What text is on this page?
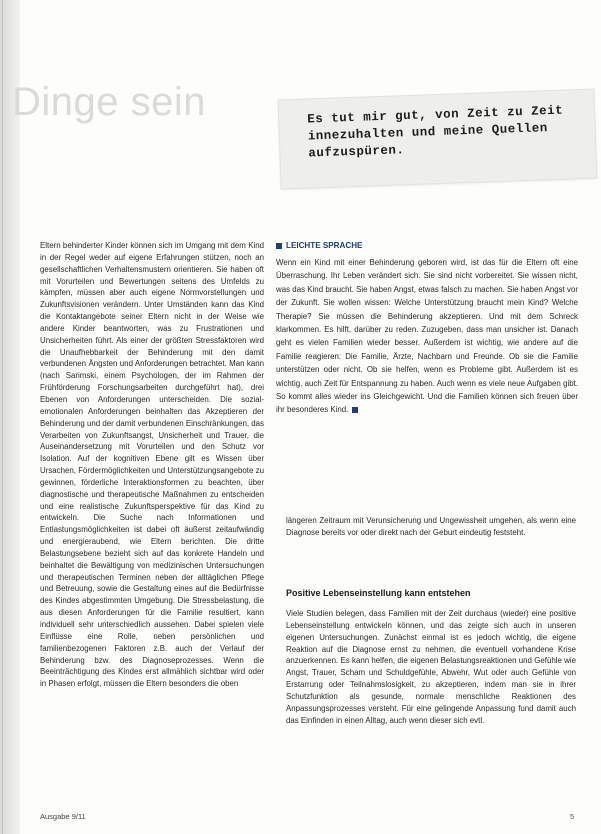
Dinge sein	Es tut mir gut, von Zeit zu Zeit innezuhalten und meine Quellen aufzuspüren.

Eltern behinderter Kinder können sich im Umgang mit dem Kind in der Regel weder auf eigene Erfahrungen stützen, noch an gesellschaftlichen Verhaltensmustern orientieren. Sie haben oft mit Vorurteilen und Bewertungen seitens des Umfelds zu kämpfen, müssen aber auch eigene Normvorstellungen und Zukunftsvisionen verändern. Unter Umständen kann das Kind die Kontaktangebote seiner Eltern nicht in der Weise wie andere Kinder beantworten, was zu Frustrationen und Unsicherheiten führt. Als einer der größten Stressfaktoren wird die Unaufhebbarkeit der Behinderung mit den damit verbundenen Ängsten und Anforderungen betrachtet. Man kann (nach Sarimski, einem Psychologen, der im Rahmen der Frühförderung Forschungsarbeiten durchgeführt hat), drei Ebenen von Anforderungen unterscheiden. Die sozial-emotionalen Anforderungen beinhalten das Akzeptieren der Behinderung und der damit verbundenen Einschränkungen, das Verarbeiten von Zukunftsangst, Unsicherheit und Trauer, die Auseinandersetzung mit Vorurteilen und den Schutz vor Isolation. Auf der kognitiven Ebene gilt es Wissen über Ursachen, Fördermöglichkeiten und Unterstützungsangebote zu gewinnen, förderliche Interaktionsformen zu beachten, über diagnostische und therapeutische Maßnahmen zu entscheiden und eine realistische Zukunftsperspektive für das Kind zu entwickeln. Die Suche nach Informationen und Entlastungsmöglichkeiten ist dabei oft äußerst zeitaufwändig und energieraubend, wie Eltern berichten. Die dritte Belastungsebene bezieht sich auf das konkrete Handeln und beinhaltet die Bewältigung von medizinischen Untersuchungen und therapeutischen Terminen neben der alltäglichen Pflege und Betreuung, sowie die Gestaltung eines auf die Bedürfnisse des Kindes abgestimmten Umgebung. Die Stressbelastung, die aus diesen Anforderungen für die Familie resultiert, kann individuell sehr unterschiedlich aussehen. Dabei spielen viele Einflüsse eine Rolle, neben persönlichen und familienbezogenen Faktoren z.B. auch der Verlauf der Behinderung bzw. des Diagnoseprozesses. Wenn die Beeinträchtigung des Kindes erst allmählich sichtbar wird oder in Phasen erfolgt, müssen die Eltern besonders die oben

LEICHTE SPRACHE
Wenn ein Kind mit einer Behinderung geboren wird, ist das für die Eltern oft eine Überraschung. Ihr Leben verändert sich. Sie sind nicht vorbereitet. Sie wissen nicht, was das Kind braucht. Sie haben Angst, etwas falsch zu machen. Sie haben Angst vor der Zukunft. Sie wollen wissen: Welche Unterstützung braucht mein Kind? Welche Therapie? Sie müssen die Behinderung akzeptieren. Und mit dem Schreck klarkommen. Es hilft, darüber zu reden. Zuzugeben, dass man unsicher ist. Danach geht es vielen Familien wieder besser. Außerdem ist wichtig, wie andere auf die Familie reagieren: Die Familie, Ärzte, Nachbarn und Freunde. Ob sie die Familie unterstützen oder nicht. Ob sie helfen, wenn es Probleme gibt. Außerdem ist es wichtig, auch Zeit für Entspannung zu haben. Auch wenn es viele neue Aufgaben gibt. So kommt alles wieder ins Gleichgewicht. Und die Familien können sich freuen über ihr besonderes Kind.

längeren Zeitraum mit Verunsicherung und Ungewissheit umgehen, als wenn eine Diagnose bereits vor oder direkt nach der Geburt eindeutig feststeht.

Positive Lebenseinstellung kann entstehen

Viele Studien belegen, dass Familien mit der Zeit durchaus (wieder) eine positive Lebenseinstellung entwickeln können, und das zeigte sich auch in unseren eigenen Untersuchungen. Zunächst einmal ist es jedoch wichtig, die eigene Reaktion auf die Diagnose ernst zu nehmen, die eventuell vorhandene Krise anzuerkennen. Es kann helfen, die eigenen Belastungsreaktionen und Gefühle wie Angst, Trauer, Scham und Schuldgefühle, Abwehr, Wut oder auch Gefühle von Erstarrung oder Teilnahmslosigkeit, zu akzeptieren, indem man sie in ihrer Schutzfunktion als gesunde, normale menschliche Reaktionen des Anpassungsprozesses versteht. Für eine gelingende Anpassung fund damit auch das Einfinden in einen Alltag, auch wenn dieser sich evtl.

Ausgabe 9/11	5
